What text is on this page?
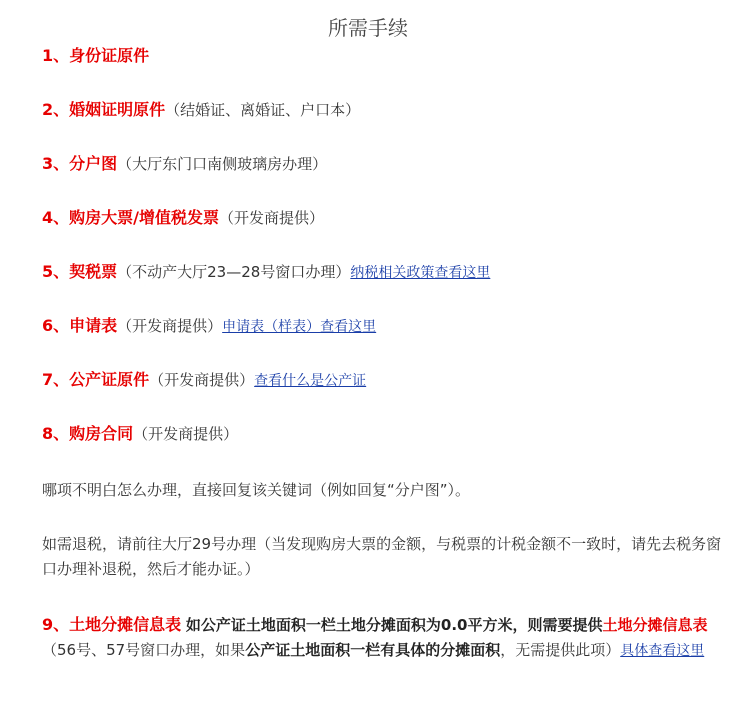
所需手续
1、身份证原件
2、婚姻证明原件（结婚证、离婚证、户口本）
3、分户图（大厅东门口南侧玻璃房办理）
4、购房大票/增值税发票（开发商提供）
5、契税票（不动产大厅23—28号窗口办理）纳税相关政策查看这里
6、申请表（开发商提供）申请表（样表）查看这里
7、公产证原件（开发商提供）查看什么是公产证
8、购房合同（开发商提供）
哪项不明白怎么办理，直接回复该关键词（例如回复“分户图”）。
如需退税，请前往大厅29号办理（当发现购房大票的金额，与税票的计税金额不一致时，请先去税务窗口办理补退税，然后才能办证。）
9、土地分摊信息表 如公产证土地面积一栏土地分摊面积为0.0平方米，则需要提供土地分摊信息表（56号、57号窗口办理，如果公产证土地面积一栏有具体的分摊面积，无需提供此项）具体查看这里
